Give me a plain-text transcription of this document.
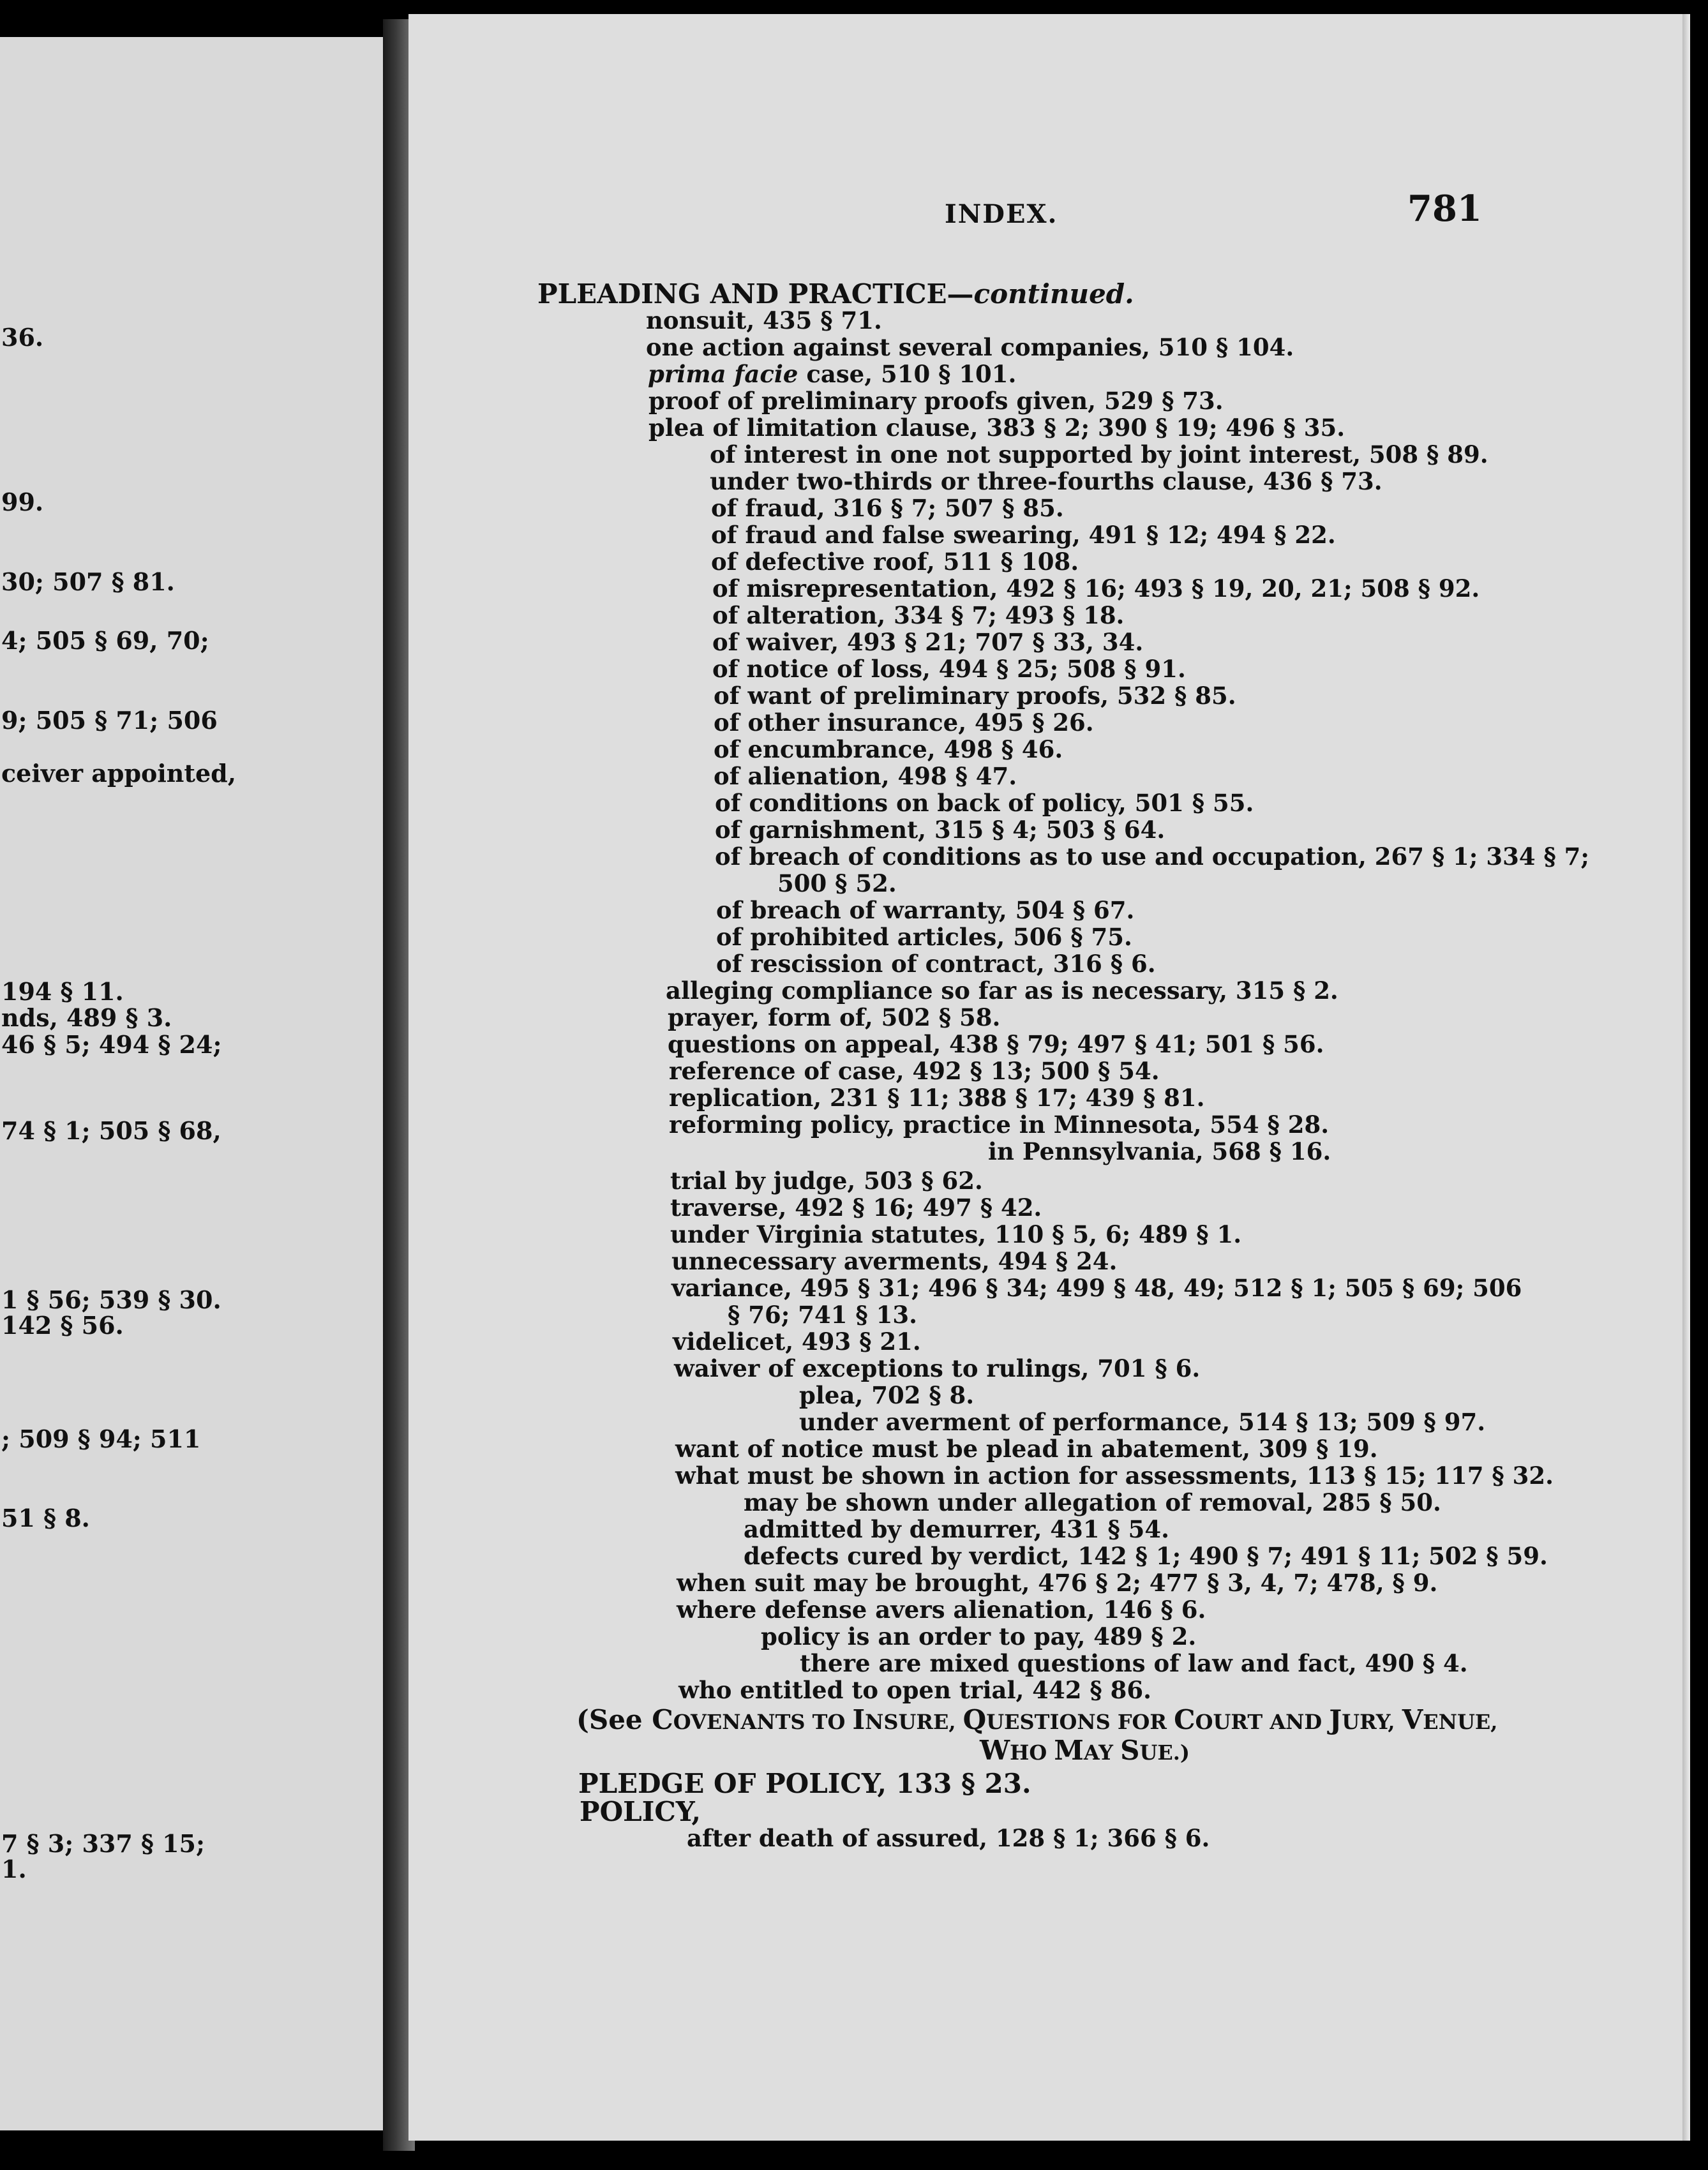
36.
99.
30; 507 § 81.
4; 505 § 69, 70;
9; 505 § 71; 506
ceiver appointed,
194 § 11.
nds, 489 § 3.
46 § 5; 494 § 24;
74 § 1; 505 § 68,
1 § 56; 539 § 30.
142 § 56.
; 509 § 94; 511
51 § 8.
7 § 3; 337 § 15;
1.
INDEX.	781
PLEADING AND PRACTICE—continued.
nonsuit, 435 § 71.
one action against several companies, 510 § 104.
prima facie case, 510 § 101.
proof of preliminary proofs given, 529 § 73.
plea of limitation clause, 383 § 2; 390 § 19; 496 § 35.
of interest in one not supported by joint interest, 508 § 89.
under two-thirds or three-fourths clause, 436 § 73.
of fraud, 316 § 7; 507 § 85.
of fraud and false swearing, 491 § 12; 494 § 22.
of defective roof, 511 § 108.
of misrepresentation, 492 § 16; 493 § 19, 20, 21; 508 § 92.
of alteration, 334 § 7; 493 § 18.
of waiver, 493 § 21; 707 § 33, 34.
of notice of loss, 494 § 25; 508 § 91.
of want of preliminary proofs, 532 § 85.
of other insurance, 495 § 26.
of encumbrance, 498 § 46.
of alienation, 498 § 47.
of conditions on back of policy, 501 § 55.
of garnishment, 315 § 4; 503 § 64.
of breach of conditions as to use and occupation, 267 § 1; 334 § 7;
500 § 52.
of breach of warranty, 504 § 67.
of prohibited articles, 506 § 75.
of rescission of contract, 316 § 6.
alleging compliance so far as is necessary, 315 § 2.
prayer, form of, 502 § 58.
questions on appeal, 438 § 79; 497 § 41; 501 § 56.
reference of case, 492 § 13; 500 § 54.
replication, 231 § 11; 388 § 17; 439 § 81.
reforming policy, practice in Minnesota, 554 § 28.
in Pennsylvania, 568 § 16.
trial by judge, 503 § 62.
traverse, 492 § 16; 497 § 42.
under Virginia statutes, 110 § 5, 6; 489 § 1.
unnecessary averments, 494 § 24.
variance, 495 § 31; 496 § 34; 499 § 48, 49; 512 § 1; 505 § 69; 506
§ 76; 741 § 13.
videlicet, 493 § 21.
waiver of exceptions to rulings, 701 § 6.
plea, 702 § 8.
under averment of performance, 514 § 13; 509 § 97.
want of notice must be plead in abatement, 309 § 19.
what must be shown in action for assessments, 113 § 15; 117 § 32.
may be shown under allegation of removal, 285 § 50.
admitted by demurrer, 431 § 54.
defects cured by verdict, 142 § 1; 490 § 7; 491 § 11; 502 § 59.
when suit may be brought, 476 § 2; 477 § 3, 4, 7; 478, § 9.
where defense avers alienation, 146 § 6.
policy is an order to pay, 489 § 2.
there are mixed questions of law and fact, 490 § 4.
who entitled to open trial, 442 § 86.
(See COVENANTS TO INSURE, QUESTIONS FOR COURT AND JURY, VENUE,
WHO MAY SUE.)
PLEDGE OF POLICY, 133 § 23.
POLICY,
after death of assured, 128 § 1; 366 § 6.
